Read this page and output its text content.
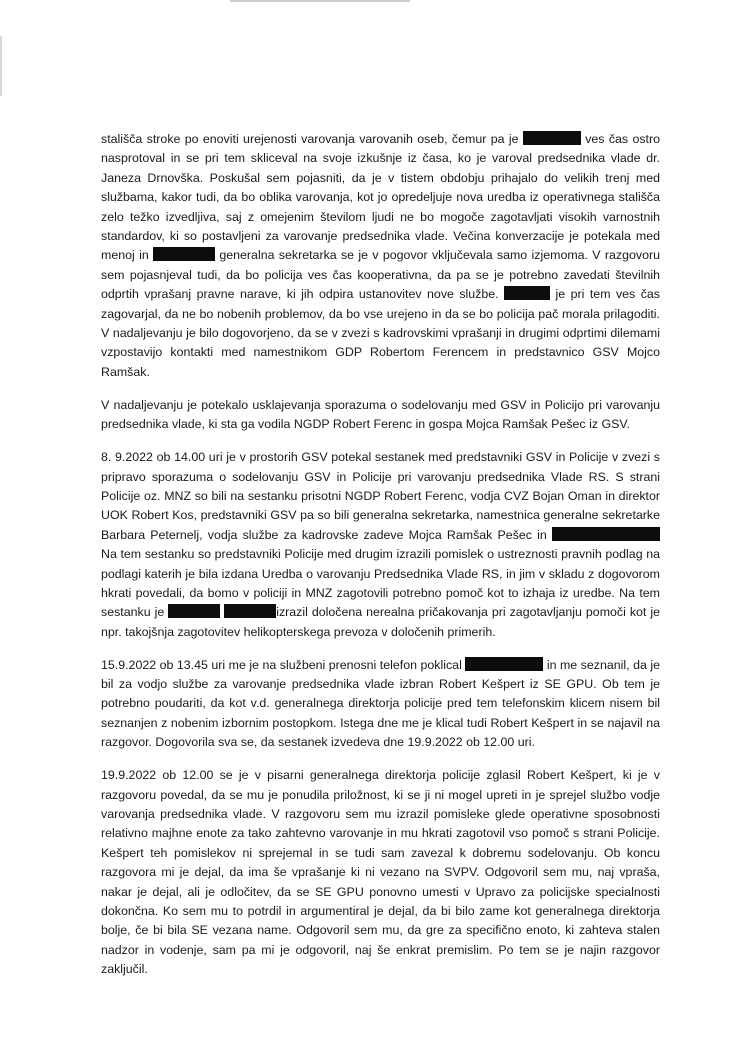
stališča stroke po enoviti urejenosti varovanja varovanih oseb, čemur pa je	ves čas ostro nasprotoval in se pri tem skliceval na svoje izkušnje iz časa, ko je varoval predsednika vlade dr. Janeza Drnovška. Poskušal sem pojasniti, da je v tistem obdobju prihajalo do velikih trenj med službama, kakor tudi, da bo oblika varovanja, kot jo opredeljuje nova uredba iz operativnega stališča zelo težko izvedljiva, saj z omejenim številom ljudi ne bo mogoče zagotavljati visokih varnostnih standardov, ki so postavljeni za varovanje predsednika vlade. Večina konverzacije je potekala med menoj in	generalna sekretarka se je v pogovor vključevala samo izjemoma. V razgovoru sem pojasnjeval tudi, da bo policija ves čas kooperativna, da pa se je potrebno zavedati številnih odprtih vprašanj pravne narave, ki jih odpira ustanovitev nove službe.	je pri tem ves čas zagovarjal, da ne bo nobenih problemov, da bo vse urejeno in da se bo policija pač morala prilagoditi. V nadaljevanju je bilo dogovorjeno, da se v zvezi s kadrovskimi vprašanji in drugimi odprtimi dilemami vzpostavijo kontakti med namestnikom GDP Robertom Ferencem in predstavnico GSV Mojco Ramšak.

V nadaljevanju je potekalo usklajevanja sporazuma o sodelovanju med GSV in Policijo pri varovanju predsednika vlade, ki sta ga vodila NGDP Robert Ferenc in gospa Mojca Ramšak Pešec iz GSV.

8. 9.2022 ob 14.00 uri je v prostorih GSV potekal sestanek med predstavniki GSV in Policije v zvezi s pripravo sporazuma o sodelovanju GSV in Policije pri varovanju predsednika Vlade RS. S strani Policije oz. MNZ so bili na sestanku prisotni NGDP Robert Ferenc, vodja CVZ Bojan Oman in direktor UOK Robert Kos, predstavniki GSV pa so bili generalna sekretarka, namestnica generalne sekretarke Barbara Peternelj, vodja službe za kadrovske zadeve Mojca Ramšak Pešec in  Na tem sestanku so predstavniki Policije med drugim izrazili pomislek o ustreznosti pravnih podlag na podlagi katerih je bila izdana Uredba o varovanju Predsednika Vlade RS, in jim v skladu z dogovorom hkrati povedali, da bomo v policiji in MNZ zagotovili potrebno pomoč kot to izhaja iz uredbe. Na tem sestanku je	izrazil določena nerealna pričakovanja pri zagotavljanju pomoči kot je npr. takojšnja zagotovitev helikopterskega prevoza v določenih primerih.

15.9.2022 ob 13.45 uri me je na službeni prenosni telefon poklical	in me seznanil, da je bil za vodjo službe za varovanje predsednika vlade izbran Robert Kešpert iz SE GPU. Ob tem je potrebno poudariti, da kot v.d. generalnega direktorja policije pred tem telefonskim klicem nisem bil seznanjen z nobenim izbornim postopkom. Istega dne me je klical tudi Robert Kešpert in se najavil na razgovor. Dogovorila sva se, da sestanek izvedeva dne 19.9.2022 ob 12.00 uri.

19.9.2022 ob 12.00 se je v pisarni generalnega direktorja policije zglasil Robert Kešpert, ki je v razgovoru povedal, da se mu je ponudila priložnost, ki se ji ni mogel upreti in je sprejel službo vodje varovanja predsednika vlade. V razgovoru sem mu izrazil pomisleke glede operativne sposobnosti relativno majhne enote za tako zahtevno varovanje in mu hkrati zagotovil vso pomoč s strani Policije. Kešpert teh pomislekov ni sprejemal in se tudi sam zavezal k dobremu sodelovanju. Ob koncu razgovora mi je dejal, da ima še vprašanje ki ni vezano na SVPV. Odgovoril sem mu, naj vpraša, nakar je dejal, ali je odločitev, da se SE GPU ponovno umesti v Upravo za policijske specialnosti dokončna. Ko sem mu to potrdil in argumentiral je dejal, da bi bilo zame kot generalnega direktorja bolje, če bi bila SE vezana name. Odgovoril sem mu, da gre za specifično enoto, ki zahteva stalen nadzor in vodenje, sam pa mi je odgovoril, naj še enkrat premislim. Po tem se je najin razgovor zaključil.
